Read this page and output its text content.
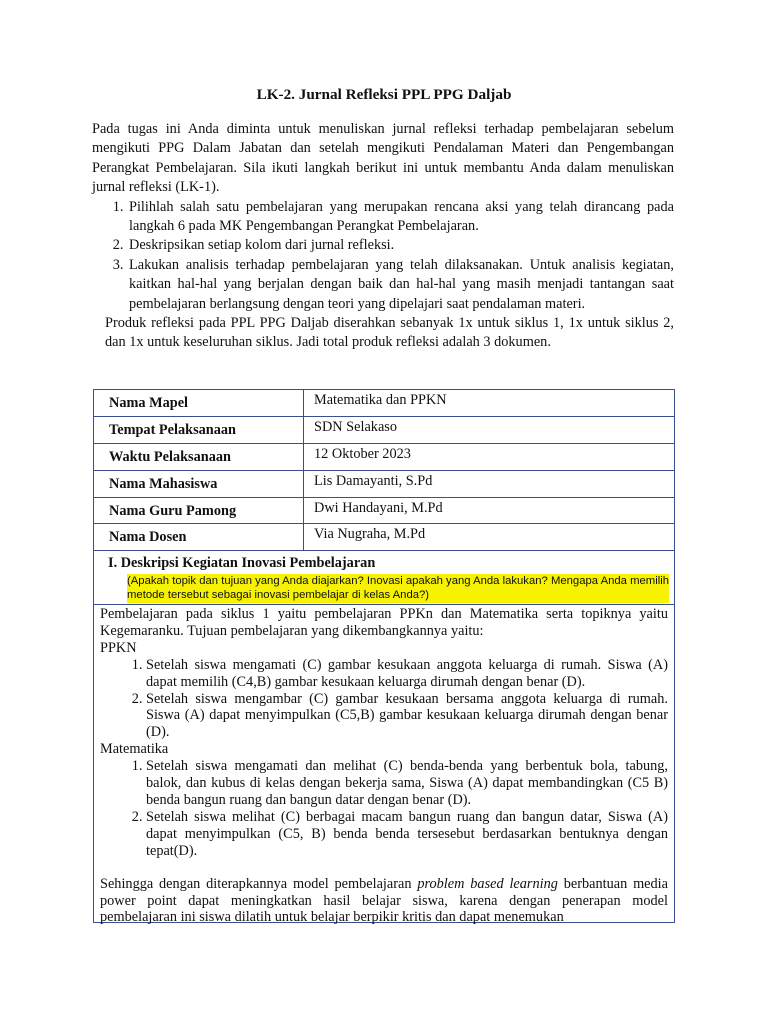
LK-2. Jurnal Refleksi PPL PPG Daljab

Pada tugas ini Anda diminta untuk menuliskan jurnal refleksi terhadap pembelajaran sebelum mengikuti PPG Dalam Jabatan dan setelah mengikuti Pendalaman Materi dan Pengembangan Perangkat Pembelajaran. Sila ikuti langkah berikut ini untuk membantu Anda dalam menuliskan jurnal refleksi (LK-1).

1. Pilihlah salah satu pembelajaran yang merupakan rencana aksi yang telah dirancang pada langkah 6 pada MK Pengembangan Perangkat Pembelajaran.
2. Deskripsikan setiap kolom dari jurnal refleksi.
3. Lakukan analisis terhadap pembelajaran yang telah dilaksanakan. Untuk analisis kegiatan, kaitkan hal-hal yang berjalan dengan baik dan hal-hal yang masih menjadi tantangan saat pembelajaran berlangsung dengan teori yang dipelajari saat pendalaman materi.

Produk refleksi pada PPL PPG Daljab diserahkan sebanyak 1x untuk siklus 1, 1x untuk siklus 2, dan 1x untuk keseluruhan siklus. Jadi total produk refleksi adalah 3 dokumen.

Nama Mapel	Matematika dan PPKN
Tempat Pelaksanaan	SDN Selakaso
Waktu Pelaksanaan	12 Oktober 2023
Nama Mahasiswa	Lis Damayanti, S.Pd
Nama Guru Pamong	Dwi Handayani, M.Pd
Nama Dosen	Via Nugraha, M.Pd
I. Deskripsi Kegiatan Inovasi Pembelajaran
(Apakah topik dan tujuan yang Anda diajarkan? Inovasi apakah yang Anda lakukan? Mengapa Anda memilih metode tersebut sebagai inovasi pembelajar di kelas Anda?)

Pembelajaran pada siklus 1 yaitu pembelajaran PPKn dan Matematika serta topiknya yaitu Kegemaranku. Tujuan pembelajaran yang dikembangkannya yaitu:

PPKN

1. Setelah siswa mengamati (C) gambar kesukaan anggota keluarga di rumah. Siswa (A) dapat memilih (C4,B) gambar kesukaan keluarga dirumah dengan benar (D).
2. Setelah siswa mengambar (C) gambar kesukaan bersama anggota keluarga di rumah. Siswa (A) dapat menyimpulkan (C5,B) gambar kesukaan keluarga dirumah dengan benar (D).

Matematika

1. Setelah siswa mengamati dan melihat (C) benda-benda yang berbentuk bola, tabung, balok, dan kubus di kelas dengan bekerja sama, Siswa (A) dapat membandingkan (C5 B) benda bangun ruang dan bangun datar dengan benar (D).
2. Setelah siswa melihat (C) berbagai macam bangun ruang dan bangun datar, Siswa (A) dapat menyimpulkan (C5, B) benda benda tersesebut berdasarkan bentuknya dengan tepat(D).

Sehingga dengan diterapkannya model pembelajaran problem based learning berbantuan media power point dapat meningkatkan hasil belajar siswa, karena dengan penerapan model pembelajaran ini siswa dilatih untuk belajar berpikir kritis dan dapat menemukan
